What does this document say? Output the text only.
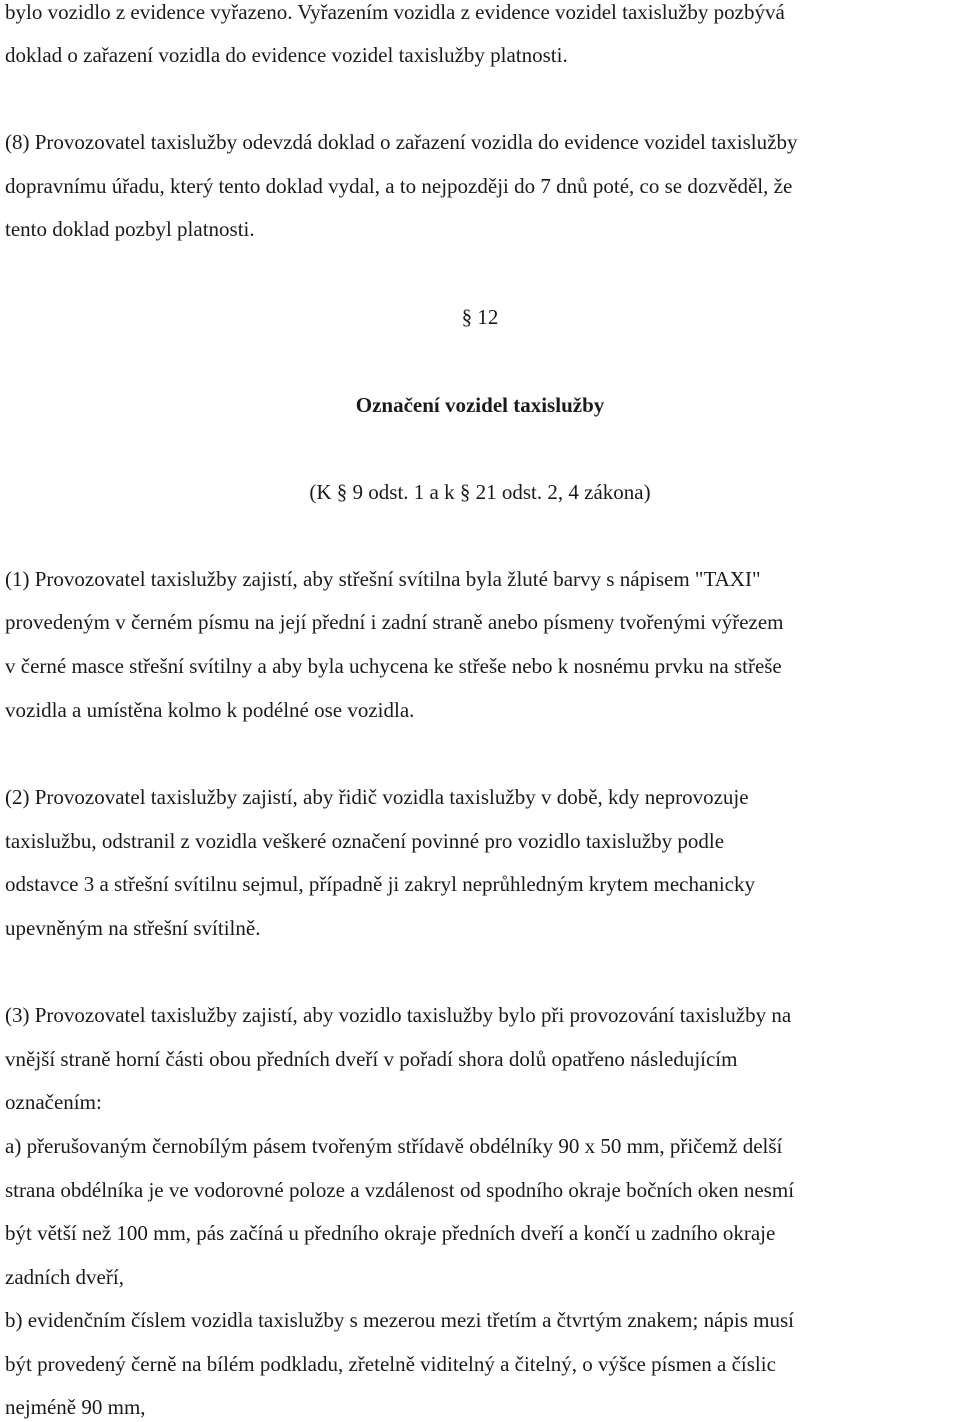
bylo vozidlo z evidence vyřazeno. Vyřazením vozidla z evidence vozidel taxislužby pozbývá
doklad o zařazení vozidla do evidence vozidel taxislužby platnosti.
(8) Provozovatel taxislužby odevzdá doklad o zařazení vozidla do evidence vozidel taxislužby
dopravnímu úřadu, který tento doklad vydal, a to nejpozději do 7 dnů poté, co se dozvěděl, že
tento doklad pozbyl platnosti.
§ 12
Označení vozidel taxislužby
(K § 9 odst. 1 a k § 21 odst. 2, 4 zákona)
(1) Provozovatel taxislužby zajistí, aby střešní svítilna byla žluté barvy s nápisem "TAXI"
provedeným v černém písmu na její přední i zadní straně anebo písmeny tvořenými výřezem
v černé masce střešní svítilny a aby byla uchycena ke střeše nebo k nosnému prvku na střeše
vozidla a umístěna kolmo k podélné ose vozidla.
(2) Provozovatel taxislužby zajistí, aby řidič vozidla taxislužby v době, kdy neprovozuje
taxislužbu, odstranil z vozidla veškeré označení povinné pro vozidlo taxislužby podle
odstavce 3 a střešní svítilnu sejmul, případně ji zakryl neprůhledným krytem mechanicky
upevněným na střešní svítilně.
(3) Provozovatel taxislužby zajistí, aby vozidlo taxislužby bylo při provozování taxislužby na
vnější straně horní části obou předních dveří v pořadí shora dolů opatřeno následujícím
označením:
a) přerušovaným černobílým pásem tvořeným střídavě obdélníky 90 x 50 mm, přičemž delší
strana obdélníka je ve vodorovné poloze a vzdálenost od spodního okraje bočních oken nesmí
být větší než 100 mm, pás začíná u předního okraje předních dveří a končí u zadního okraje
zadních dveří,
b) evidenčním číslem vozidla taxislužby s mezerou mezi třetím a čtvrtým znakem; nápis musí
být provedený černě na bílém podkladu, zřetelně viditelný a čitelný, o výšce písmen a číslic
nejméně 90 mm,
